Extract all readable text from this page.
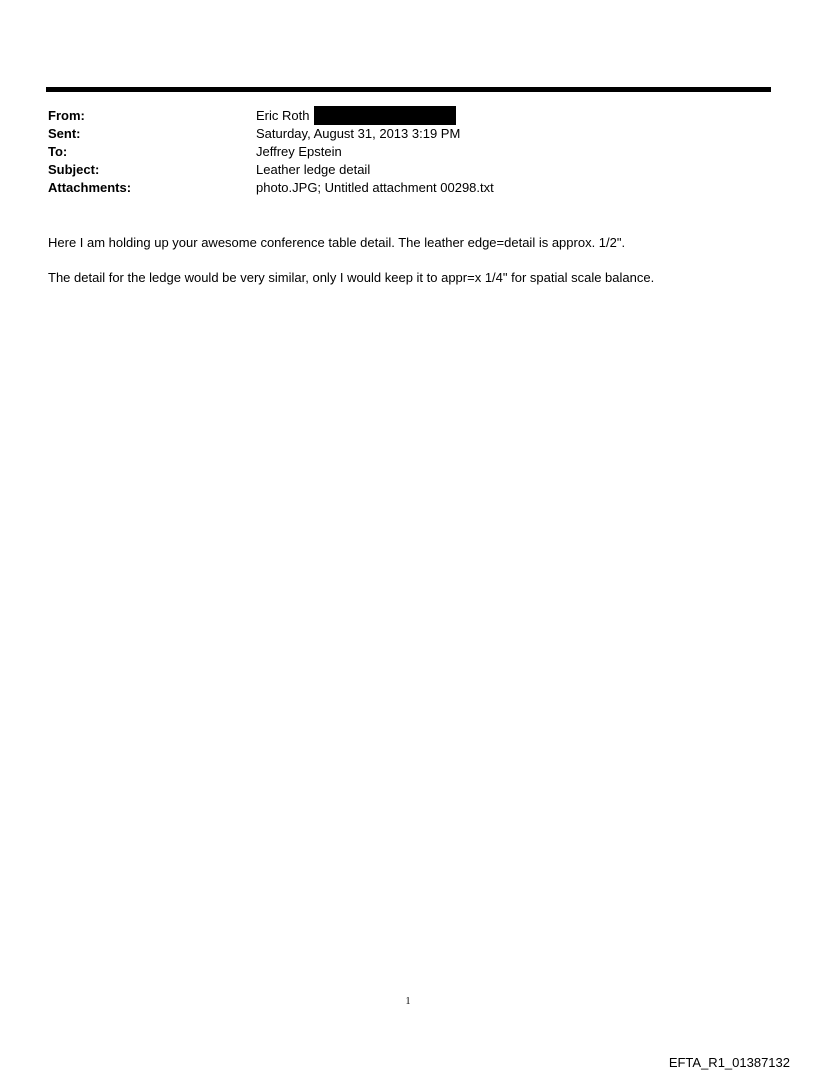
From:	Eric Roth
Sent:	Saturday, August 31, 2013 3:19 PM
To:	Jeffrey Epstein
Subject:	Leather ledge detail
Attachments:	photo.JPG; Untitled attachment 00298.txt
Here I am holding up your awesome conference table detail. The leather edge=detail is approx. 1/2".
The detail for the ledge would be very similar, only I would keep it to appr=x 1/4" for spatial scale balance.
1
EFTA_R1_01387132
